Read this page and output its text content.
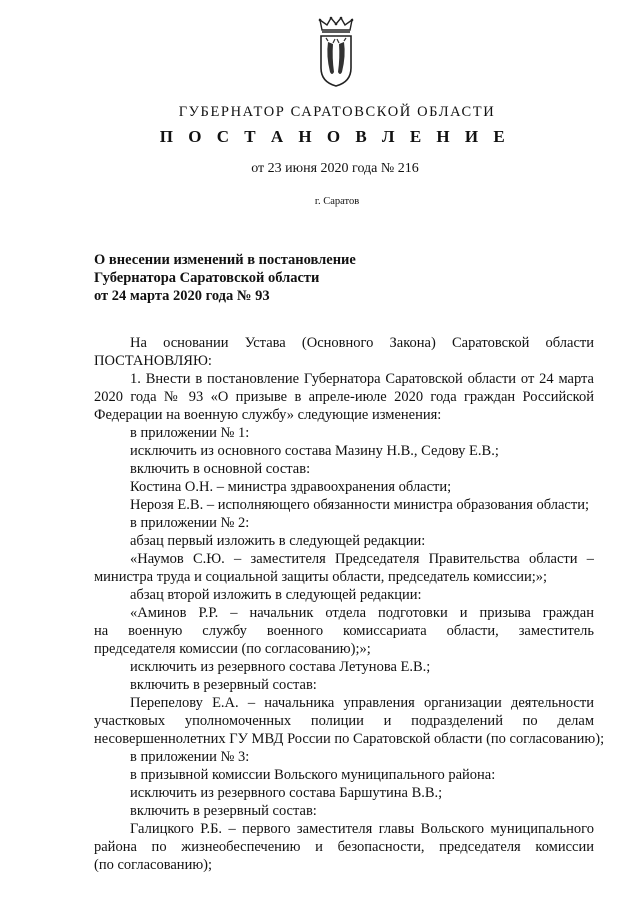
ГУБЕРНАТОР САРАТОВСКОЙ ОБЛАСТИ
П О С Т А Н О В Л Е Н И Е
от 23 июня 2020 года № 216
г. Саратов
О внесении изменений в постановление
Губернатора Саратовской области
от 24 марта 2020 года № 93
На основании Устава (Основного Закона) Саратовской области
ПОСТАНОВЛЯЮ:
1. Внести в постановление Губернатора Саратовской области от 24 марта
2020 года № 93 «О призыве в апреле-июле 2020 года граждан Российской
Федерации на военную службу» следующие изменения:
в приложении № 1:
исключить из основного состава Мазину Н.В., Седову Е.В.;
включить в основной состав:
Костина О.Н. – министра здравоохранения области;
Нерозя Е.В. – исполняющего обязанности министра образования области;
в приложении № 2:
абзац первый изложить в следующей редакции:
«Наумов С.Ю. – заместителя Председателя Правительства области –
министра труда и социальной защиты области, председатель комиссии;»;
абзац второй изложить в следующей редакции:
«Аминов Р.Р. – начальник отдела подготовки и призыва граждан
на военную службу военного комиссариата области, заместитель
председателя комиссии (по согласованию);»;
исключить из резервного состава Летунова Е.В.;
включить в резервный состав:
Перепелову Е.А. – начальника управления организации деятельности
участковых уполномоченных полиции и подразделений по делам
несовершеннолетних ГУ МВД России по Саратовской области (по согласованию);
в приложении № 3:
в призывной комиссии Вольского муниципального района:
исключить из резервного состава Баршутина В.В.;
включить в резервный состав:
Галицкого Р.Б. – первого заместителя главы Вольского муниципального
района по жизнеобеспечению и безопасности, председателя комиссии
(по согласованию);
